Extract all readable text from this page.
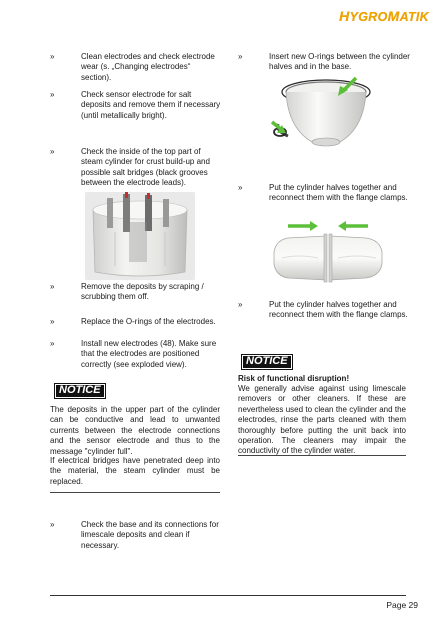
HYGROMATIK
»	Clean electrodes and check electrode wear (s. „Changing electrodes“ section).
»	Check sensor electrode for salt deposits and remove them if necessary (until metallically bright).
»	Check the inside of the top part of steam cylinder for crust build-up and possible salt bridges (black grooves between the electrode leads).
»	Remove the deposits by scraping / scrubbing them off.
»	Replace the O-rings of the electrodes.
»	Install new electrodes (48). Make sure that the electrodes are positioned correctly (see exploded view).
NOTICE
The deposits in the upper part of the cylinder can be conductive and lead to unwanted currents between the electrode connections and the sensor electrode and thus to the message "cylinder full".
If electrical bridges have penetrated deep into the material, the steam cylinder must be replaced.
»	Check the base and its connections for limescale deposits and clean if necessary.
»	Insert new O-rings between the cylinder halves and in the base.
»	Put the cylinder halves together and reconnect them with the flange clamps.
»	Put the cylinder halves together and reconnect them with the flange clamps.
NOTICE
Risk of functional disruption!
We generally advise against using limescale removers or other cleaners. If these are nevertheless used to clean the cylinder and the electrodes, rinse the parts cleaned with them thoroughly before putting the unit back into operation. The cleaners may impair the conductivity of the cylinder water.
Page 29
